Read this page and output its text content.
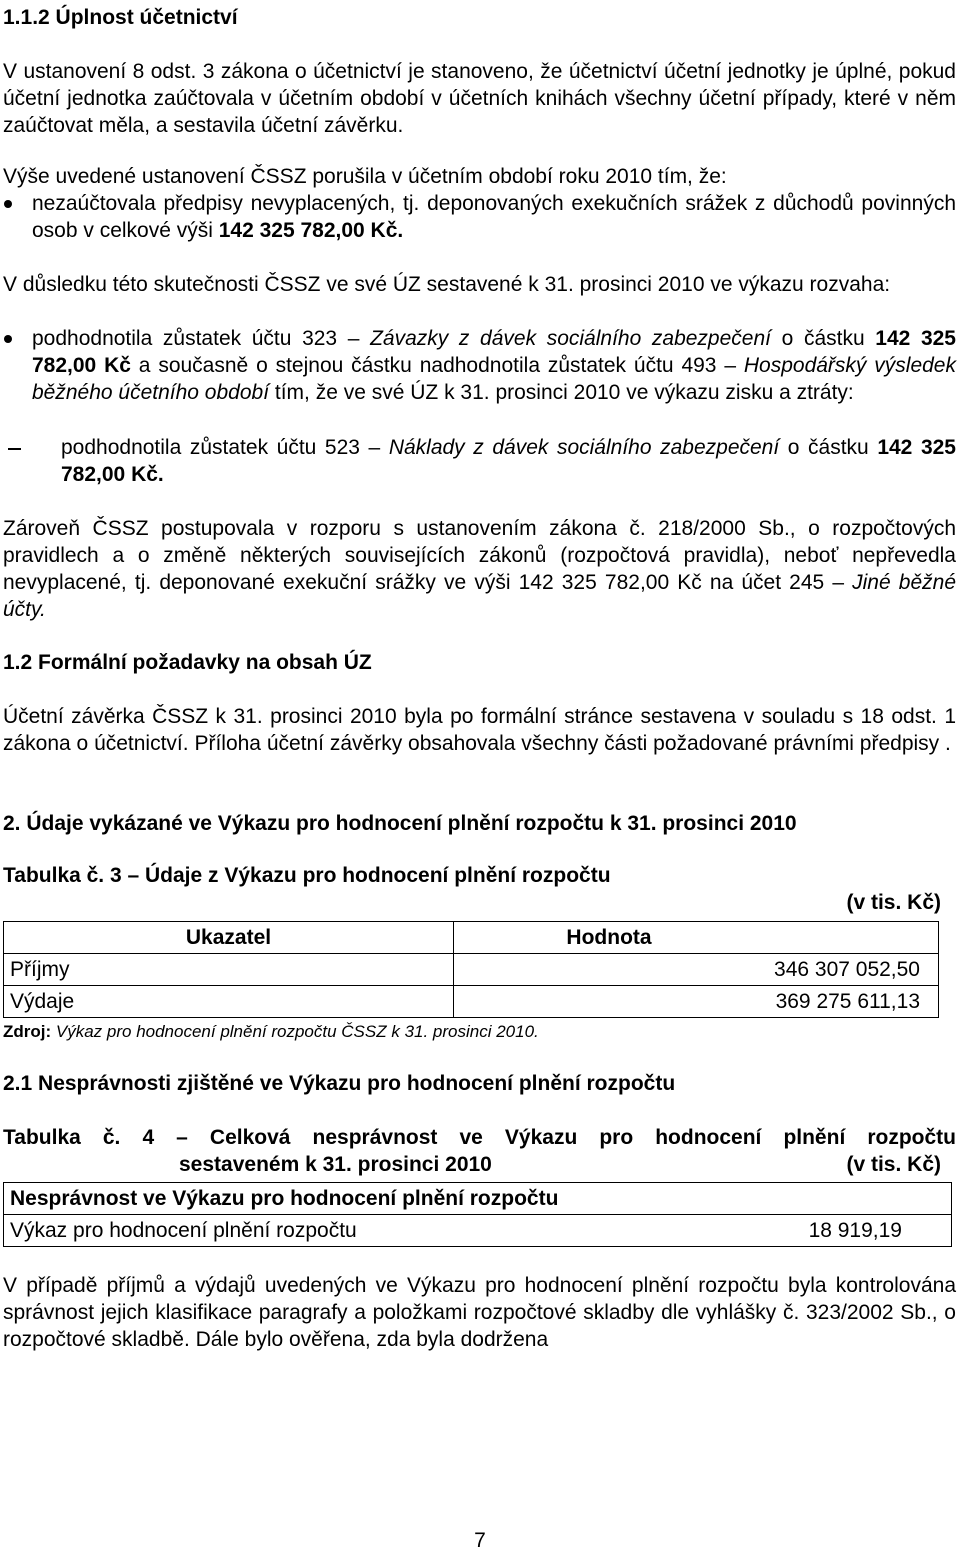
1.1.2 Úplnost účetnictví
V ustanovení 8 odst. 3 zákona o účetnictví je stanoveno, že účetnictví účetní jednotky je úplné, pokud účetní jednotka zaúčtovala v účetním období v účetních knihách všechny účetní případy, které v něm zaúčtovat měla, a sestavila účetní závěrku.
Výše uvedené ustanovení ČSSZ porušila v účetním období roku 2010 tím, že:
nezaúčtovala předpisy nevyplacených, tj. deponovaných exekučních srážek z důchodů povinných osob v celkové výši 142 325 782,00 Kč.
V důsledku této skutečnosti ČSSZ ve své ÚZ sestavené k 31. prosinci 2010 ve výkazu rozvaha:
podhodnotila zůstatek účtu 323 – Závazky z dávek sociálního zabezpečení o částku 142 325 782,00 Kč a současně o stejnou částku nadhodnotila zůstatek účtu 493 – Hospodářský výsledek běžného účetního období tím, že ve své ÚZ k 31. prosinci 2010 ve výkazu zisku a ztráty:
podhodnotila zůstatek účtu 523 – Náklady z dávek sociálního zabezpečení o částku 142 325 782,00 Kč.
Zároveň ČSSZ postupovala v rozporu s ustanovením zákona č. 218/2000 Sb., o rozpočtových pravidlech a o změně některých souvisejících zákonů (rozpočtová pravidla), neboť nepřevedla nevyplacené, tj. deponované exekuční srážky ve výši 142 325 782,00 Kč na účet 245 – Jiné běžné účty.
1.2 Formální požadavky na obsah ÚZ
Účetní závěrka ČSSZ k 31. prosinci 2010 byla po formální stránce sestavena v souladu s 18 odst. 1 zákona o účetnictví. Příloha účetní závěrky obsahovala všechny části požadované právními předpisy .
2. Údaje vykázané ve Výkazu pro hodnocení plnění rozpočtu k 31. prosinci 2010
Tabulka č. 3 – Údaje z Výkazu pro hodnocení plnění rozpočtu
(v tis. Kč)
Ukazatel	Hodnota
Příjmy	346 307 052,50
Výdaje	369 275 611,13
Zdroj: Výkaz pro hodnocení plnění rozpočtu ČSSZ k 31. prosinci 2010.
2.1 Nesprávnosti zjištěné ve Výkazu pro hodnocení plnění rozpočtu
Tabulka č. 4 – Celková nesprávnost ve Výkazu pro hodnocení plnění rozpočtu
sestaveném k 31. prosinci 2010	(v tis. Kč)
Nesprávnost ve Výkazu pro hodnocení plnění rozpočtu
Výkaz pro hodnocení plnění rozpočtu	18 919,19
V případě příjmů a výdajů uvedených ve Výkazu pro hodnocení plnění rozpočtu byla kontrolována správnost jejich klasifikace paragrafy a položkami rozpočtové skladby dle vyhlášky č. 323/2002 Sb., o rozpočtové skladbě. Dále bylo ověřena, zda byla dodržena
7
